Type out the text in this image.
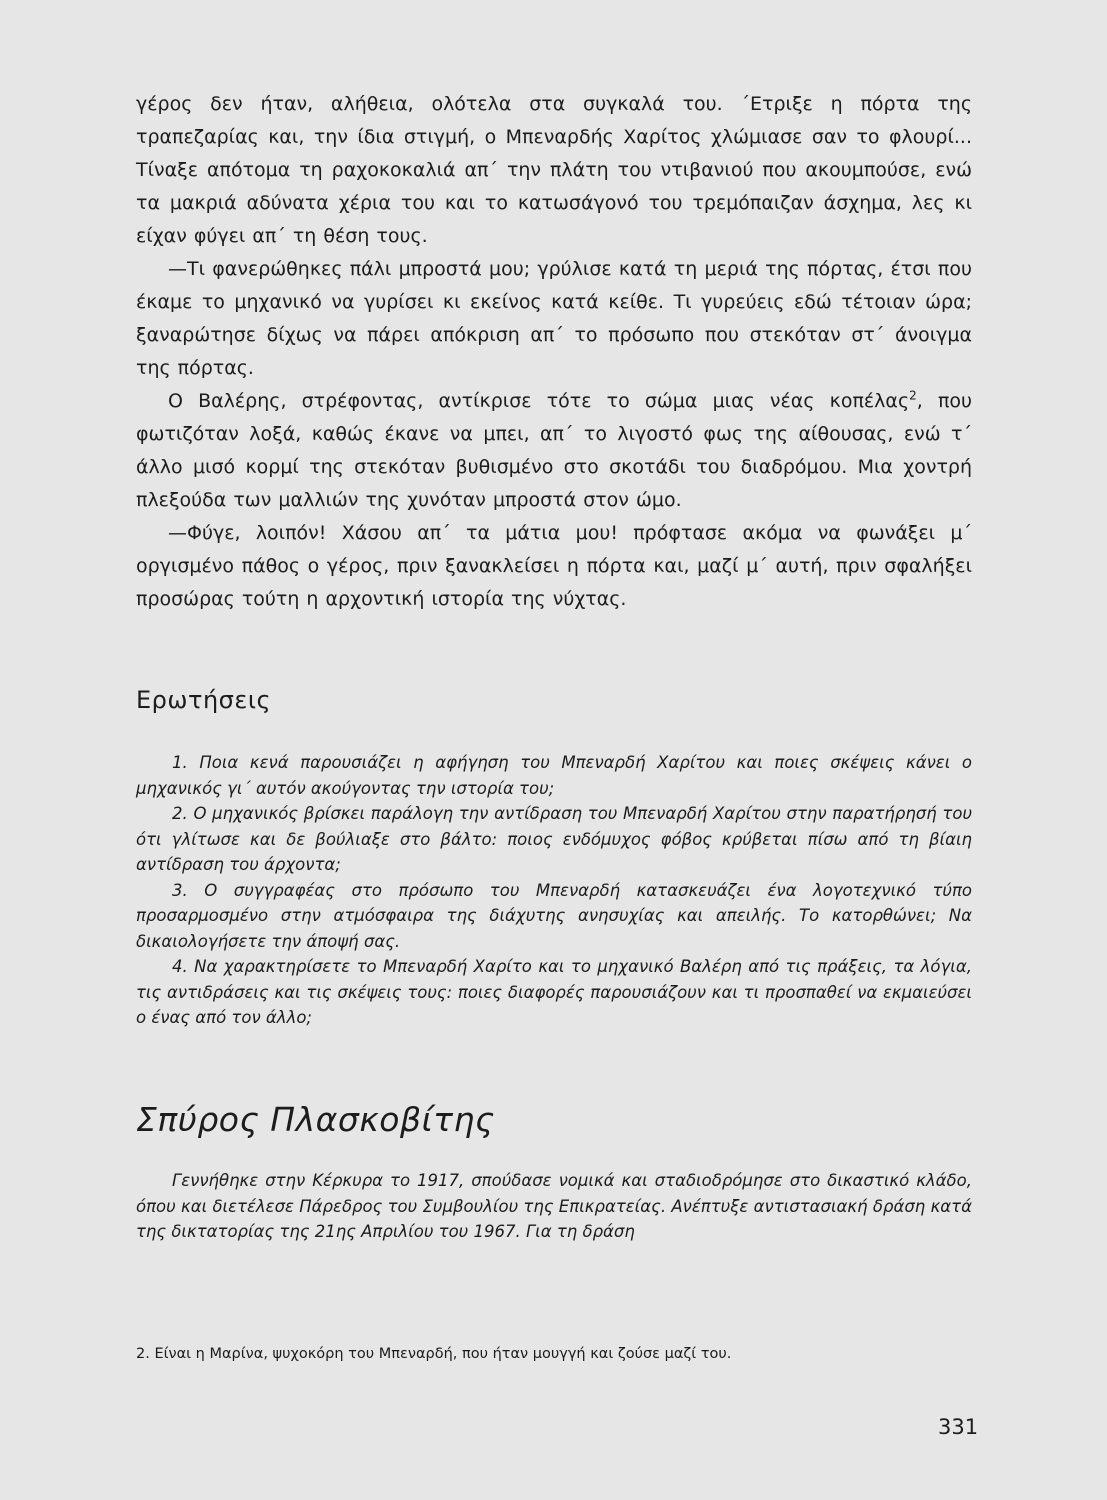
γέρος δεν ήταν, αλήθεια, ολότελα στα συγκαλά του. ΄Ετριξε η πόρτα της τραπεζαρίας και, την ίδια στιγμή, ο Μπεναρδής Χαρίτος χλώμιασε σαν το φλουρί... Τίναξε απότομα τη ραχοκοκαλιά απ΄ την πλάτη του ντιβανιού που ακουμπούσε, ενώ τα μακριά αδύνατα χέρια του και το κατωσάγονό του τρεμόπαιζαν άσχημα, λες κι είχαν φύγει απ΄ τη θέση τους.

—Τι φανερώθηκες πάλι μπροστά μου; γρύλισε κατά τη μεριά της πόρτας, έτσι που έκαμε το μηχανικό να γυρίσει κι εκείνος κατά κείθε. Τι γυρεύεις εδώ τέτοιαν ώρα; ξαναρώτησε δίχως να πάρει απόκριση απ΄ το πρόσωπο που στεκόταν στ΄ άνοιγμα της πόρτας.

Ο Βαλέρης, στρέφοντας, αντίκρισε τότε το σώμα μιας νέας κοπέλας$^2$, που φωτιζόταν λοξά, καθώς έκανε να μπει, απ΄ το λιγοστό φως της αίθουσας, ενώ τ΄ άλλο μισό κορμί της στεκόταν βυθισμένο στο σκοτάδι του διαδρόμου. Μια χοντρή πλεξούδα των μαλλιών της χυνόταν μπροστά στον ώμο.

—Φύγε, λοιπόν! Χάσου απ΄ τα μάτια μου! πρόφτασε ακόμα να φωνάξει μ΄ οργισμένο πάθος ο γέρος, πριν ξανακλείσει η πόρτα και, μαζί μ΄ αυτή, πριν σφαλήξει προσώρας τούτη η αρχοντική ιστορία της νύχτας.

Ερωτήσεις

1. Ποια κενά παρουσιάζει η αφήγηση του Μπεναρδή Χαρίτου και ποιες σκέψεις κάνει ο μηχανικός γι΄ αυτόν ακούγοντας την ιστορία του;

2. Ο μηχανικός βρίσκει παράλογη την αντίδραση του Μπεναρδή Χαρίτου στην παρατήρησή του ότι γλίτωσε και δε βούλιαξε στο βάλτο: ποιος ενδόμυχος φόβος κρύβεται πίσω από τη βίαιη αντίδραση του άρχοντα;

3. Ο συγγραφέας στο πρόσωπο του Μπεναρδή κατασκευάζει ένα λογοτεχνικό τύπο προσαρμοσμένο στην ατμόσφαιρα της διάχυτης ανησυχίας και απειλής. Το κατορθώνει; Να δικαιολογήσετε την άποψή σας.

4. Να χαρακτηρίσετε το Μπεναρδή Χαρίτο και το μηχανικό Βαλέρη από τις πράξεις, τα λόγια, τις αντιδράσεις και τις σκέψεις τους: ποιες διαφορές παρουσιάζουν και τι προσπαθεί να εκμαιεύσει ο ένας από τον άλλο;

Σπύρος Πλασκοβίτης

Γεννήθηκε στην Κέρκυρα το 1917, σπούδασε νομικά και σταδιοδρόμησε στο δικαστικό κλάδο, όπου και διετέλεσε Πάρεδρος του Συμβουλίου της Επικρατείας. Ανέπτυξε αντιστασιακή δράση κατά της δικτατορίας της 21ης Απριλίου του 1967. Για τη δράση

2. Είναι η Μαρίνα, ψυχοκόρη του Μπεναρδή, που ήταν μουγγή και ζούσε μαζί του.

331
